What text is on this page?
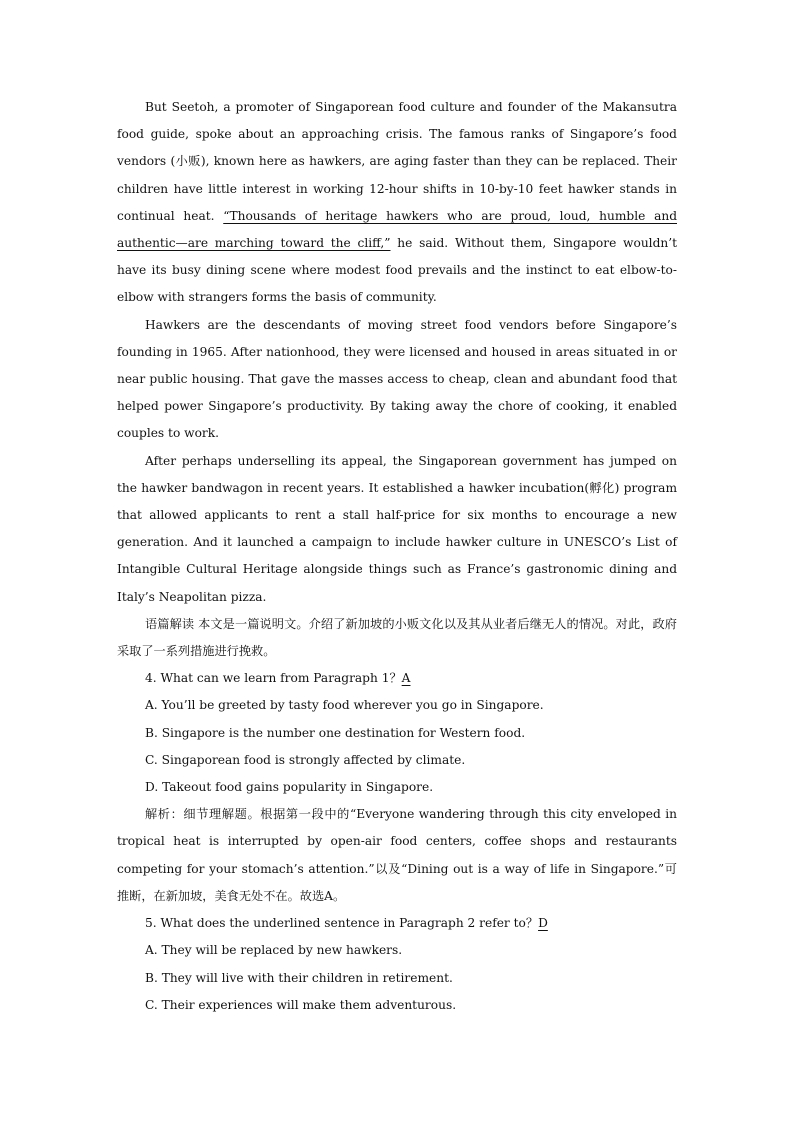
But Seetoh, a promoter of Singaporean food culture and founder of the Makansutra food guide, spoke about an approaching crisis. The famous ranks of Singapore’s food vendors (小贩), known here as hawkers, are aging faster than they can be replaced. Their children have little interest in working 12-hour shifts in 10-by-10 feet hawker stands in continual heat. “Thousands of heritage hawkers who are proud, loud, humble and authentic—are marching toward the cliff,” he said. Without them, Singapore wouldn’t have its busy dining scene where modest food prevails and the instinct to eat elbow-to-elbow with strangers forms the basis of community.

Hawkers are the descendants of moving street food vendors before Singapore’s founding in 1965. After nationhood, they were licensed and housed in areas situated in or near public housing. That gave the masses access to cheap, clean and abundant food that helped power Singapore’s productivity. By taking away the chore of cooking, it enabled couples to work.

After perhaps underselling its appeal, the Singaporean government has jumped on the hawker bandwagon in recent years. It established a hawker incubation(孵化) program that allowed applicants to rent a stall half-price for six months to encourage a new generation. And it launched a campaign to include hawker culture in UNESCO’s List of Intangible Cultural Heritage alongside things such as France’s gastronomic dining and Italy’s Neapolitan pizza.

语篇解读 本文是一篇说明文。介绍了新加坡的小贩文化以及其从业者后继无人的情况。对此，政府采取了一系列措施进行挽救。

4. What can we learn from Paragraph 1？A

A. You’ll be greeted by tasty food wherever you go in Singapore.

B. Singapore is the number one destination for Western food.

C. Singaporean food is strongly affected by climate.

D. Takeout food gains popularity in Singapore.

解析：细节理解题。根据第一段中的“Everyone wandering through this city enveloped in tropical heat is interrupted by open-air food centers, coffee shops and restaurants competing for your stomach’s attention.”以及“Dining out is a way of life in Singapore.”可推断，在新加坡，美食无处不在。故选A。

5. What does the underlined sentence in Paragraph 2 refer to？D

A. They will be replaced by new hawkers.

B. They will live with their children in retirement.

C. Their experiences will make them adventurous.
